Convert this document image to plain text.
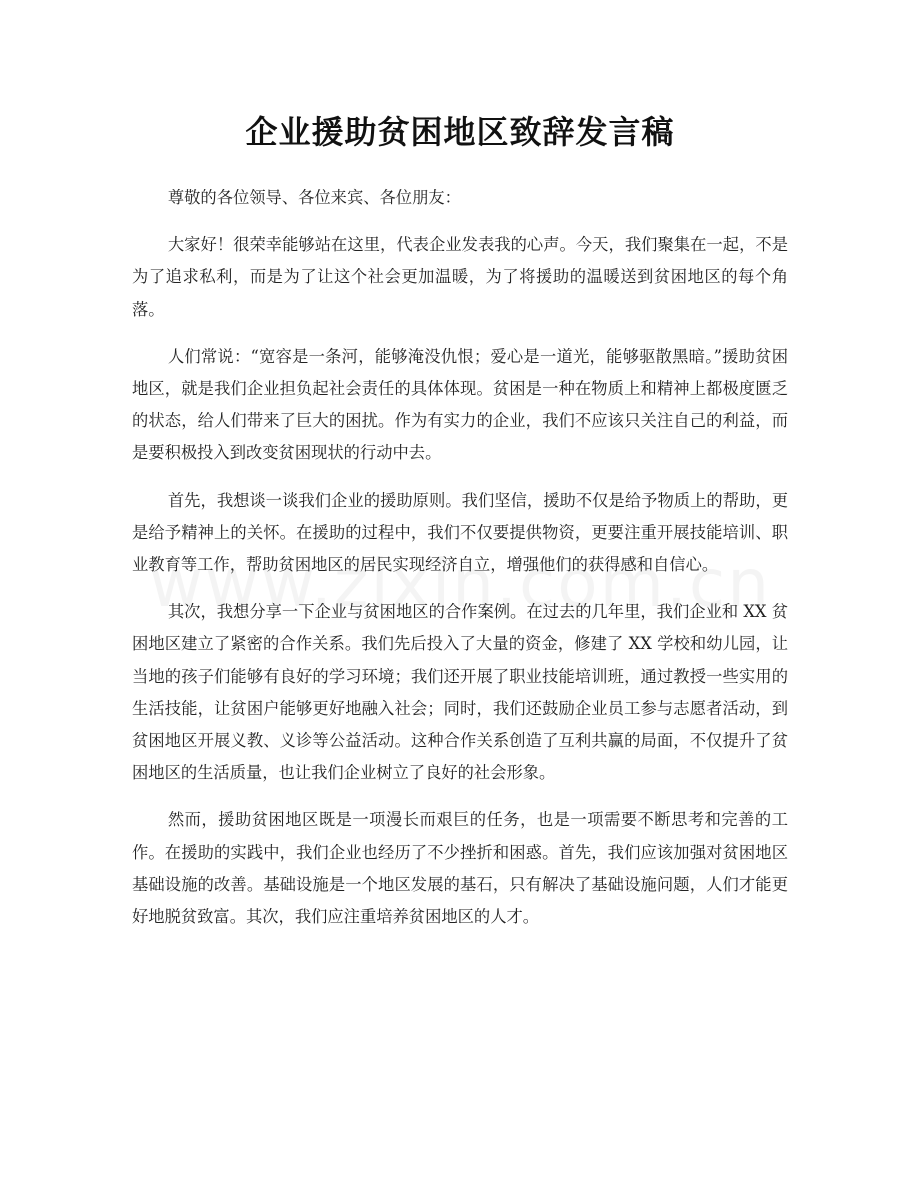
企业援助贫困地区致辞发言稿

尊敬的各位领导、各位来宾、各位朋友：

大家好！很荣幸能够站在这里，代表企业发表我的心声。今天，我们聚集在一起，不是为了追求私利，而是为了让这个社会更加温暖，为了将援助的温暖送到贫困地区的每个角落。

人们常说：“宽容是一条河，能够淹没仇恨；爱心是一道光，能够驱散黑暗。”援助贫困地区，就是我们企业担负起社会责任的具体体现。贫困是一种在物质上和精神上都极度匮乏的状态，给人们带来了巨大的困扰。作为有实力的企业，我们不应该只关注自己的利益，而是要积极投入到改变贫困现状的行动中去。

首先，我想谈一谈我们企业的援助原则。我们坚信，援助不仅是给予物质上的帮助，更是给予精神上的关怀。在援助的过程中，我们不仅要提供物资，更要注重开展技能培训、职业教育等工作，帮助贫困地区的居民实现经济自立，增强他们的获得感和自信心。

其次，我想分享一下企业与贫困地区的合作案例。在过去的几年里，我们企业和 XX 贫困地区建立了紧密的合作关系。我们先后投入了大量的资金，修建了 XX 学校和幼儿园，让当地的孩子们能够有良好的学习环境；我们还开展了职业技能培训班，通过教授一些实用的生活技能，让贫困户能够更好地融入社会；同时，我们还鼓励企业员工参与志愿者活动，到贫困地区开展义教、义诊等公益活动。这种合作关系创造了互利共赢的局面，不仅提升了贫困地区的生活质量，也让我们企业树立了良好的社会形象。

然而，援助贫困地区既是一项漫长而艰巨的任务，也是一项需要不断思考和完善的工作。在援助的实践中，我们企业也经历了不少挫折和困惑。首先，我们应该加强对贫困地区基础设施的改善。基础设施是一个地区发展的基石，只有解决了基础设施问题，人们才能更好地脱贫致富。其次，我们应注重培养贫困地区的人才。
